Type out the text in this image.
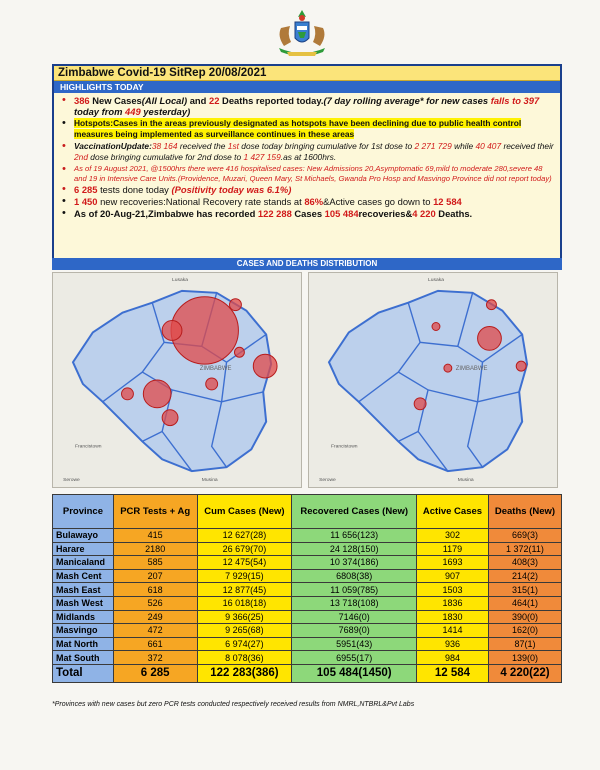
Zimbabwe Covid-19 SitRep 20/08/2021
HIGHLIGHTS TODAY
• 386 New Cases(All Local) and 22 Deaths reported today.(7 day rolling average* for new cases falls to 397 today from 449 yesterday)
• Hotspots:Cases in the areas previously designated as hotspots have been declining due to public health control measures being implemented as surveillance continues in these areas
• VaccinationUpdate:38 164 received the 1st dose today bringing cumulative for 1st dose to 2 271 729 while 40 407 received their 2nd dose bringing cumulative for 2nd dose to 1 427 159.as at 1600hrs.
• As of 19 August 2021, @1500hrs there were 416 hospitalised cases: New Admissions 20,Asymptomatic 69,mild to moderate 280,severe 48 and 19 in Intensive Care Units.(Providence, Muzari, Queen Mary, St Michaels, Gwanda Pro Hosp and Masvingo Province did not report today)
• 6 285 tests done today (Positivity today was 6.1%)
• 1 450 new recoveries:National Recovery rate stands at 86%&Active cases go down to 12 584
• As of 20-Aug-21,Zimbabwe has recorded 122 288 Cases 105 484recoveries&4 220 Deaths.
CASES AND DEATHS DISTRIBUTION
Lusaka
ZIMBABWE
Francistown
Serowe	Musina
Lusaka
ZIMBABWE
Francistown
Serowe	Musina
Province	PCR Tests + Ag	Cum Cases (New)	Recovered Cases (New)	Active Cases	Deaths (New)
Bulawayo	415	12 627(28)	11 656(123)	302	669(3)
Harare	2180	26 679(70)	24 128(150)	1179	1 372(11)
Manicaland	585	12 475(54)	10 374(186)	1693	408(3)
Mash Cent	207	7 929(15)	6808(38)	907	214(2)
Mash East	618	12 877(45)	11 059(785)	1503	315(1)
Mash West	526	16 018(18)	13 718(108)	1836	464(1)
Midlands	249	9 366(25)	7146(0)	1830	390(0)
Masvingo	472	9 265(68)	7689(0)	1414	162(0)
Mat North	661	6 974(27)	5951(43)	936	87(1)
Mat South	372	8 078(36)	6955(17)	984	139(0)
Total	6 285	122 283(386)	105 484(1450)	12 584	4 220(22)
*Provinces with new cases but zero PCR tests conducted respectively received results from NMRL,NTBRL&Pvt Labs
